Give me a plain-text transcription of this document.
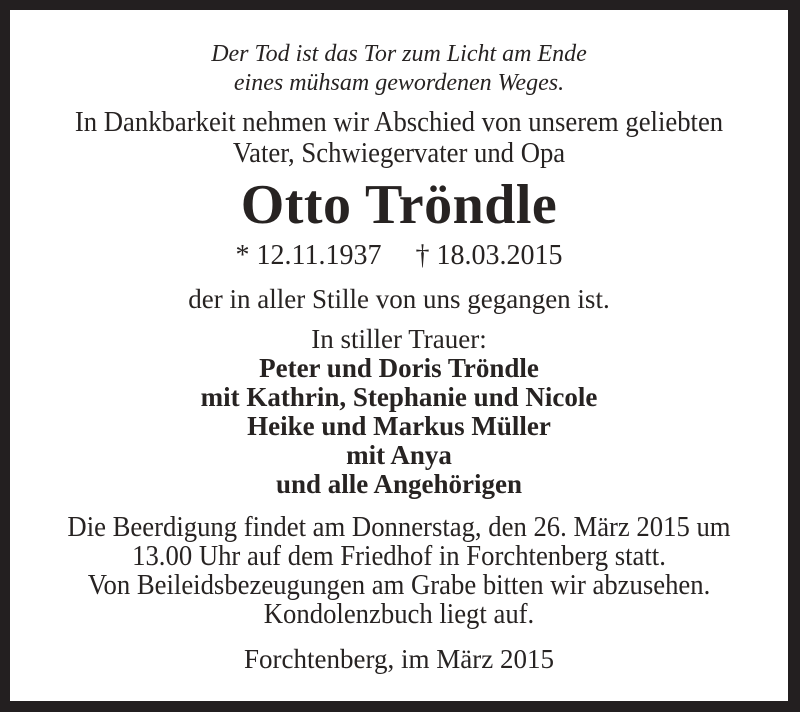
Der Tod ist das Tor zum Licht am Ende
eines mühsam gewordenen Weges.
In Dankbarkeit nehmen wir Abschied von unserem geliebten
Vater, Schwiegervater und Opa
Otto Tröndle
* 12.11.1937 † 18.03.2015
der in aller Stille von uns gegangen ist.
In stiller Trauer:
Peter und Doris Tröndle
mit Kathrin, Stephanie und Nicole
Heike und Markus Müller
mit Anya
und alle Angehörigen
Die Beerdigung findet am Donnerstag, den 26. März 2015 um
13.00 Uhr auf dem Friedhof in Forchtenberg statt.
Von Beileidsbezeugungen am Grabe bitten wir abzusehen.
Kondolenzbuch liegt auf.
Forchtenberg, im März 2015
